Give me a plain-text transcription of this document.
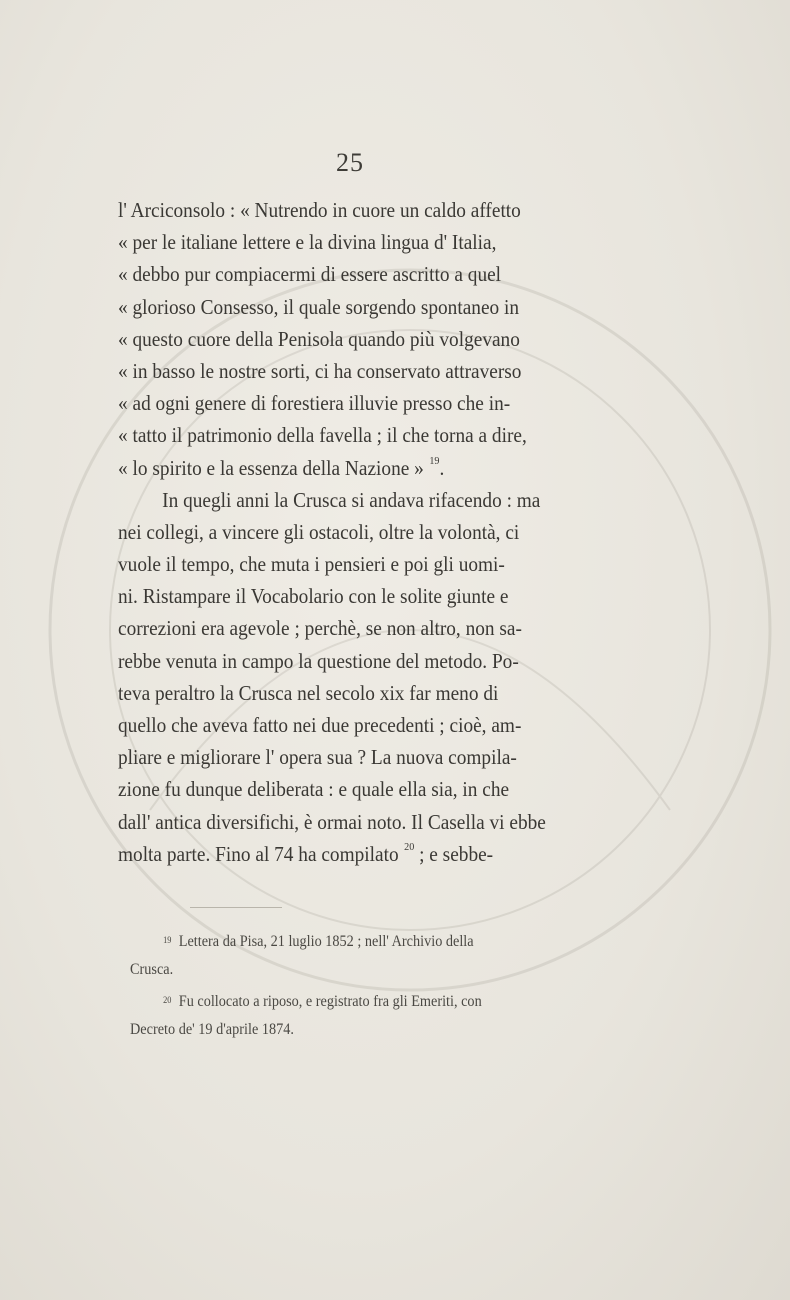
25
l' Arciconsolo : « Nutrendo in cuore un caldo affetto
« per le italiane lettere e la divina lingua d' Italia,
« debbo pur compiacermi di essere ascritto a quel
« glorioso Consesso, il quale sorgendo spontaneo in
« questo cuore della Penisola quando più volgevano
« in basso le nostre sorti, ci ha conservato attraverso
« ad ogni genere di forestiera illuvie presso che in-
« tatto il patrimonio della favella ; il che torna a dire,
« lo spirito e la essenza della Nazione » $^{19}$ .
In quegli anni la Crusca si andava rifacendo : ma
nei collegi, a vincere gli ostacoli, oltre la volontà, ci
vuole il tempo, che muta i pensieri e poi gli uomi-
ni. Ristampare il Vocabolario con le solite giunte e
correzioni era agevole ; perchè, se non altro, non sa-
rebbe venuta in campo la questione del metodo. Po-
teva peraltro la Crusca nel secolo xix far meno di
quello che aveva fatto nei due precedenti ; cioè, am-
pliare e migliorare l' opera sua ? La nuova compila-
zione fu dunque deliberata : e quale ella sia, in che
dall' antica diversifichi, è ormai noto. Il Casella vi ebbe
molta parte. Fino al 74 ha compilato $^{20}$ ; e sebbe-
$^{19}$ Lettera da Pisa, 21 luglio 1852 ; nell' Archivio della
Crusca.
$^{20}$ Fu collocato a riposo, e registrato fra gli Emeriti, con
Decreto de' 19 d'aprile 1874.
